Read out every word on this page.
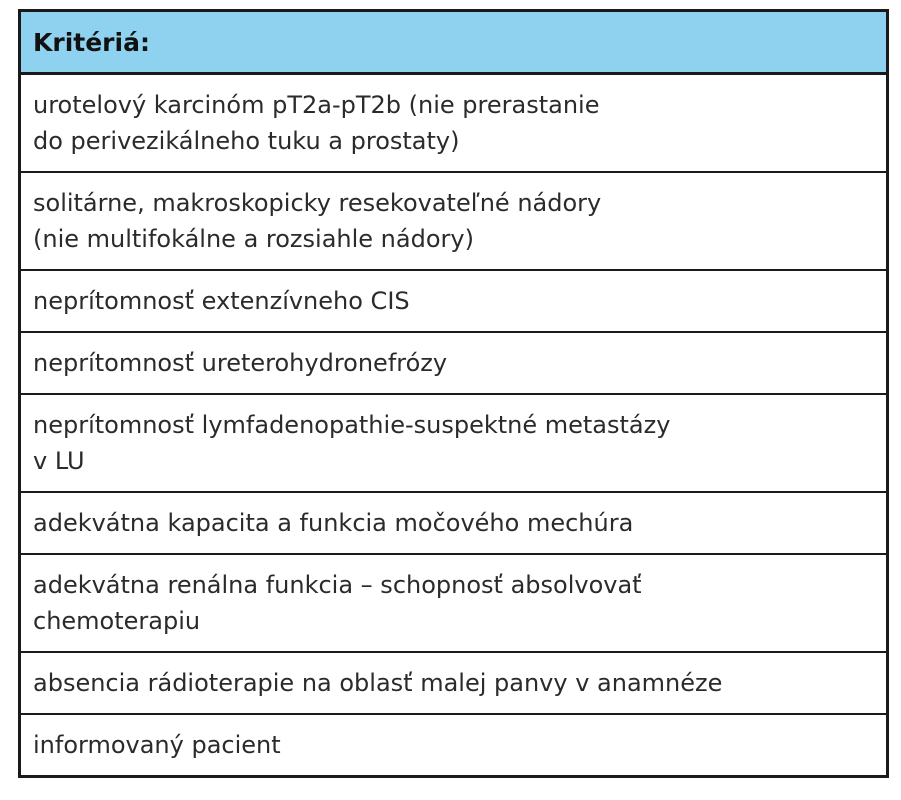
Kritériá:
urotelový karcinóm pT2a-pT2b (nie prerastanie
do perivezikálneho tuku a prostaty)
solitárne, makroskopicky resekovateľné nádory
(nie multifokálne a rozsiahle nádory)
neprítomnosť extenzívneho CIS
neprítomnosť ureterohydronefrózy
neprítomnosť lymfadenopathie-suspektné metastázy
v LU
adekvátna kapacita a funkcia močového mechúra
adekvátna renálna funkcia – schopnosť absolvovať
chemoterapiu
absencia rádioterapie na oblasť malej panvy v anamnéze
informovaný pacient
